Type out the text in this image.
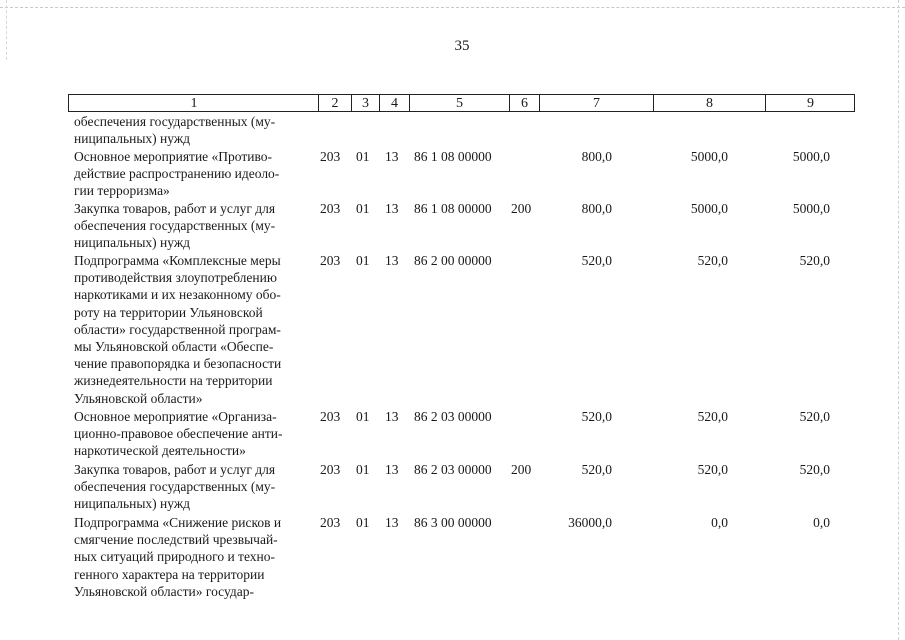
35
1	2	3	4	5	6	7	8	9
обеспечения государственных (му-
ниципальных) нужд
Основное мероприятие «Противо-
действие распространению идеоло-
гии терроризма»
203 01 13 86 1 08 00000	800,0	5000,0	5000,0
Закупка товаров, работ и услуг для
обеспечения государственных (му-
ниципальных) нужд
203 01 13 86 1 08 00000 200	800,0	5000,0	5000,0
Подпрограмма «Комплексные меры
противодействия злоупотреблению
наркотиками и их незаконному обо-
роту на территории Ульяновской
области» государственной програм-
мы Ульяновской области «Обеспе-
чение правопорядка и безопасности
жизнедеятельности на территории
Ульяновской области»
203 01 13 86 2 00 00000	520,0	520,0	520,0
Основное мероприятие «Организа-
ционно-правовое обеспечение анти-
наркотической деятельности»
203 01 13 86 2 03 00000	520,0	520,0	520,0
Закупка товаров, работ и услуг для
обеспечения государственных (му-
ниципальных) нужд
203 01 13 86 2 03 00000 200	520,0	520,0	520,0
Подпрограмма «Снижение рисков и
смягчение последствий чрезвычай-
ных ситуаций природного и техно-
генного характера на территории
Ульяновской области» государ-
203 01 13 86 3 00 00000	36000,0	0,0	0,0
